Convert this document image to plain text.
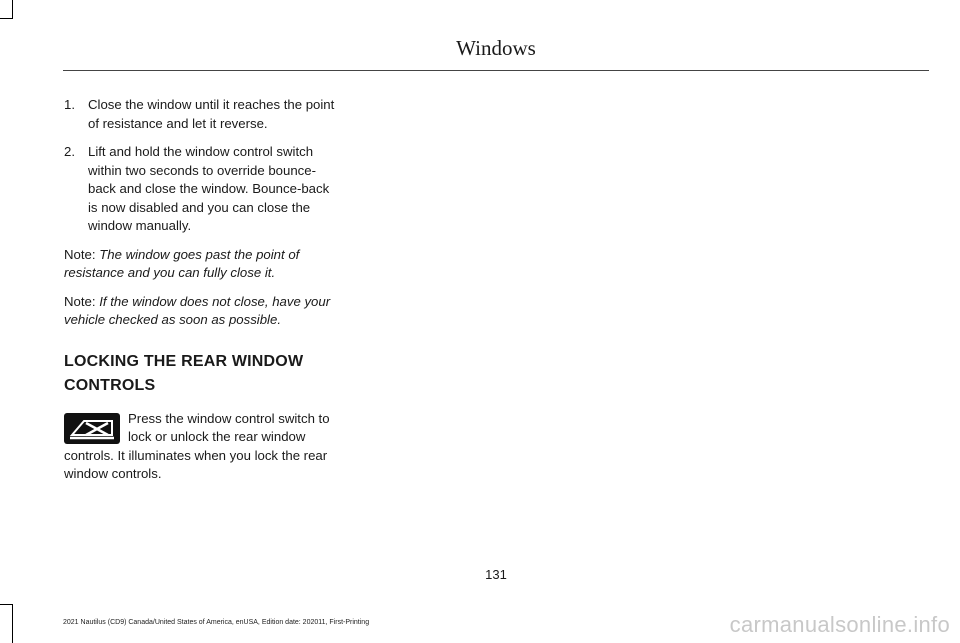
Windows
1. Close the window until it reaches the point of resistance and let it reverse.
2. Lift and hold the window control switch within two seconds to override bounce-back and close the window. Bounce-back is now disabled and you can close the window manually.

Note: The window goes past the point of resistance and you can fully close it.

Note: If the window does not close, have your vehicle checked as soon as possible.

LOCKING THE REAR WINDOW
CONTROLS

Press the window control switch to lock or unlock the rear window controls. It illuminates when you lock the rear window controls.

131
2021 Nautilus (CD9) Canada/United States of America, enUSA, Edition date: 202011, First-Printing	carmanualsonline.info
